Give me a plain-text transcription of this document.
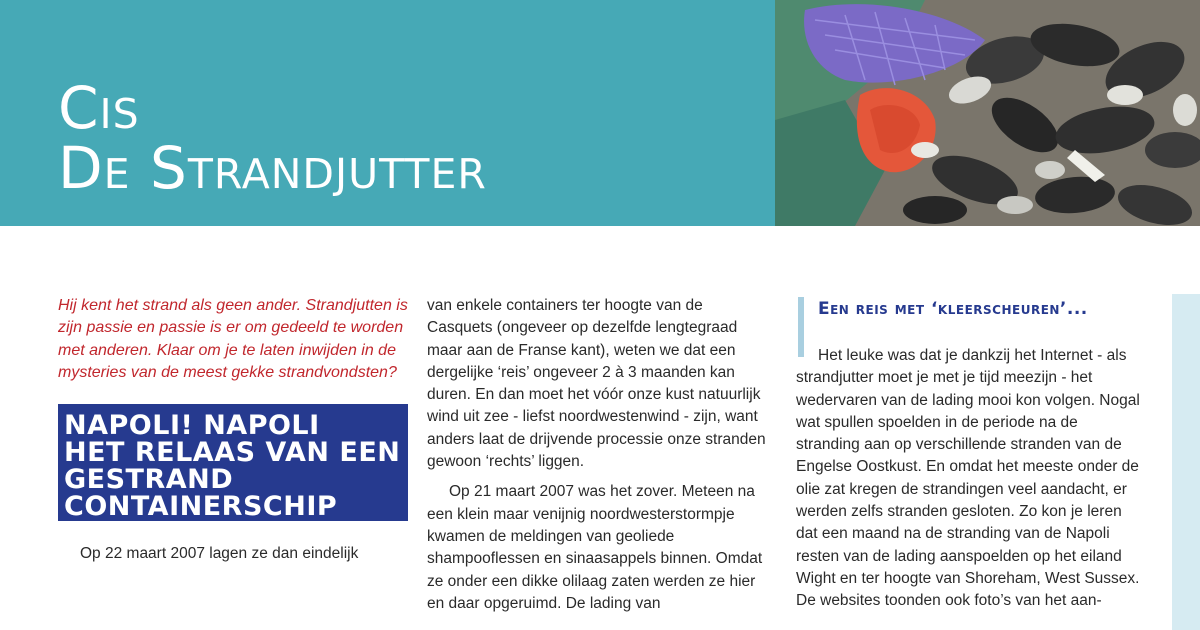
Cis
De Strandjutter

Hij kent het strand als geen ander. Strandjutten is zijn passie en passie is er om gedeeld te worden met anderen. Klaar om je te laten inwijden in de mysteries van de meest gekke strandvondsten?

NAPOLI! NAPOLI
HET RELAAS VAN EEN
GESTRAND
CONTAINERSCHIP

Op 22 maart 2007 lagen ze dan eindelijk

van enkele containers ter hoogte van de Casquets (ongeveer op dezelfde lengtegraad maar aan de Franse kant), weten we dat een dergelijke ‘reis’ ongeveer 2 à 3 maanden kan duren. En dan moet het vóór onze kust natuurlijk wind uit zee - liefst noordwestenwind - zijn, want anders laat de drijvende processie onze stranden gewoon ‘rechts’ liggen.

Op 21 maart 2007 was het zover. Meteen na een klein maar venijnig noordwesterstormpje kwamen de meldingen van geoliede shampooflessen en sinaasappels binnen. Omdat ze onder een dikke olilaag zaten werden ze hier en daar opgeruimd. De lading van

Een reis met ‘kleerscheuren’...

Het leuke was dat je dankzij het Internet - als strandjutter moet je met je tijd meezijn - het wedervaren van de lading mooi kon volgen. Nogal wat spullen spoelden in de periode na de stranding aan op verschillende stranden van de Engelse Oostkust. En omdat het meeste onder de olie zat kregen de strandingen veel aandacht, er werden zelfs stranden gesloten. Zo kon je leren dat een maand na de stranding van de Napoli resten van de lading aanspoelden op het eiland Wight en ter hoogte van Shoreham, West Sussex.

De websites toonden ook foto’s van het aan-
